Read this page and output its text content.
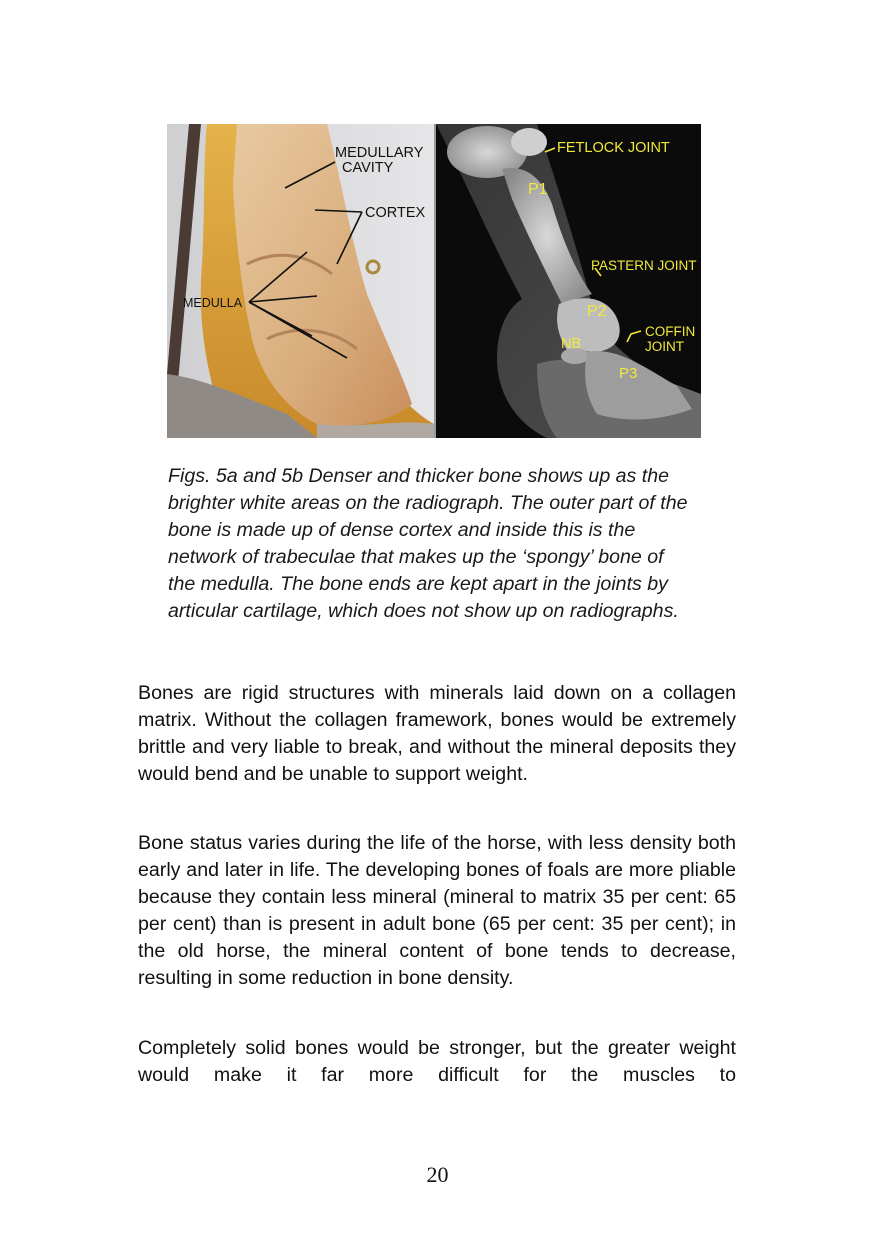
MEDULLARY
CAVITY
CORTEX
MEDULLA
FETLOCK JOINT
P1
PASTERN JOINT
P2
COFFIN
JOINT
NB
P3
Figs. 5a and 5b Denser and thicker bone shows up as the brighter white areas on the radiograph. The outer part of the bone is made up of dense cortex and inside this is the network of trabeculae that makes up the ‘spongy’ bone of the medulla. The bone ends are kept apart in the joints by articular cartilage, which does not show up on radiographs.

Bones are rigid structures with minerals laid down on a collagen matrix. Without the collagen framework, bones would be extremely brittle and very liable to break, and without the mineral deposits they would bend and be unable to support weight.

Bone status varies during the life of the horse, with less density both early and later in life. The developing bones of foals are more pliable because they contain less mineral (mineral to matrix 35 per cent: 65 per cent) than is present in adult bone (65 per cent: 35 per cent); in the old horse, the mineral content of bone tends to decrease, resulting in some reduction in bone density.

Completely solid bones would be stronger, but the greater weight would make it far more difficult for the muscles to

20
